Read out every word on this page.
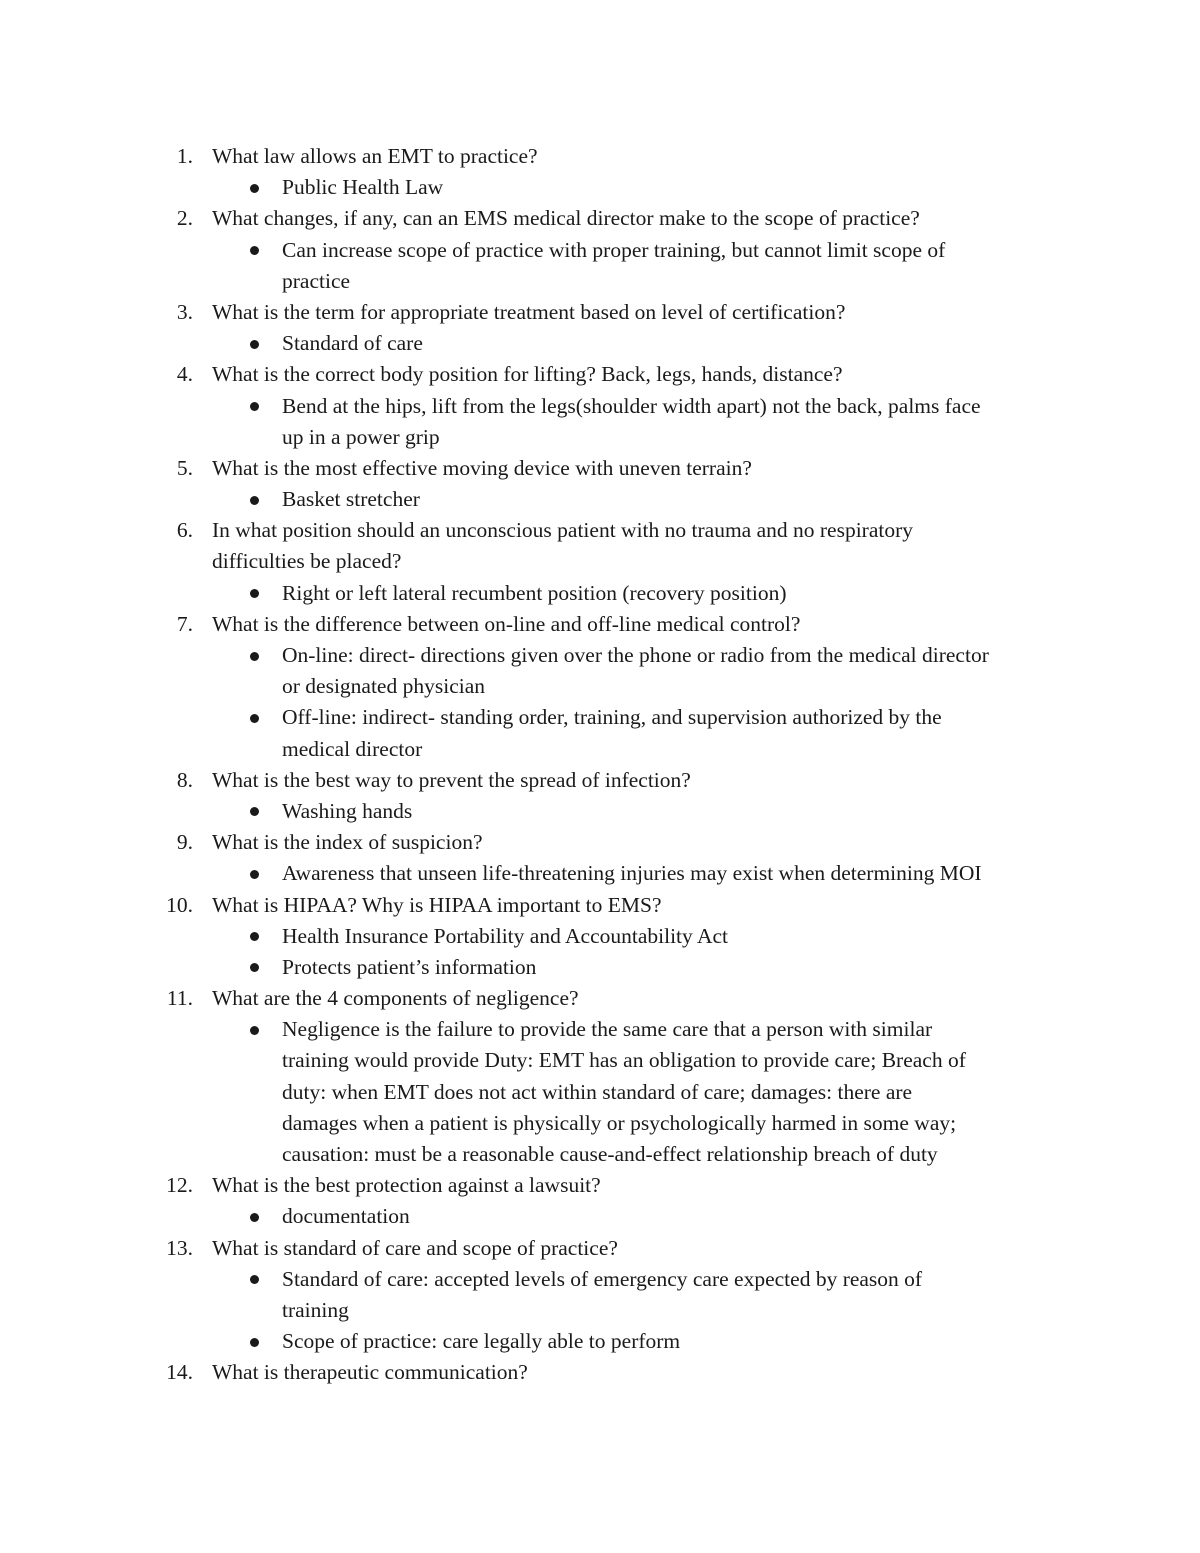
1. What law allows an EMT to practice?
Public Health Law
2. What changes, if any, can an EMS medical director make to the scope of practice?
Can increase scope of practice with proper training, but cannot limit scope of
practice
3. What is the term for appropriate treatment based on level of certification?
Standard of care
4. What is the correct body position for lifting? Back, legs, hands, distance?
Bend at the hips, lift from the legs(shoulder width apart) not the back, palms face
up in a power grip
5. What is the most effective moving device with uneven terrain?
Basket stretcher
6. In what position should an unconscious patient with no trauma and no respiratory
difficulties be placed?
Right or left lateral recumbent position (recovery position)
7. What is the difference between on-line and off-line medical control?
On-line: direct- directions given over the phone or radio from the medical director
or designated physician
Off-line: indirect- standing order, training, and supervision authorized by the
medical director
8. What is the best way to prevent the spread of infection?
Washing hands
9. What is the index of suspicion?
Awareness that unseen life-threatening injuries may exist when determining MOI
10. What is HIPAA? Why is HIPAA important to EMS?
Health Insurance Portability and Accountability Act
Protects patient’s information
11. What are the 4 components of negligence?
Negligence is the failure to provide the same care that a person with similar
training would provide Duty: EMT has an obligation to provide care; Breach of
duty: when EMT does not act within standard of care; damages: there are
damages when a patient is physically or psychologically harmed in some way;
causation: must be a reasonable cause-and-effect relationship breach of duty
12. What is the best protection against a lawsuit?
documentation
13. What is standard of care and scope of practice?
Standard of care: accepted levels of emergency care expected by reason of
training
Scope of practice: care legally able to perform
14. What is therapeutic communication?
